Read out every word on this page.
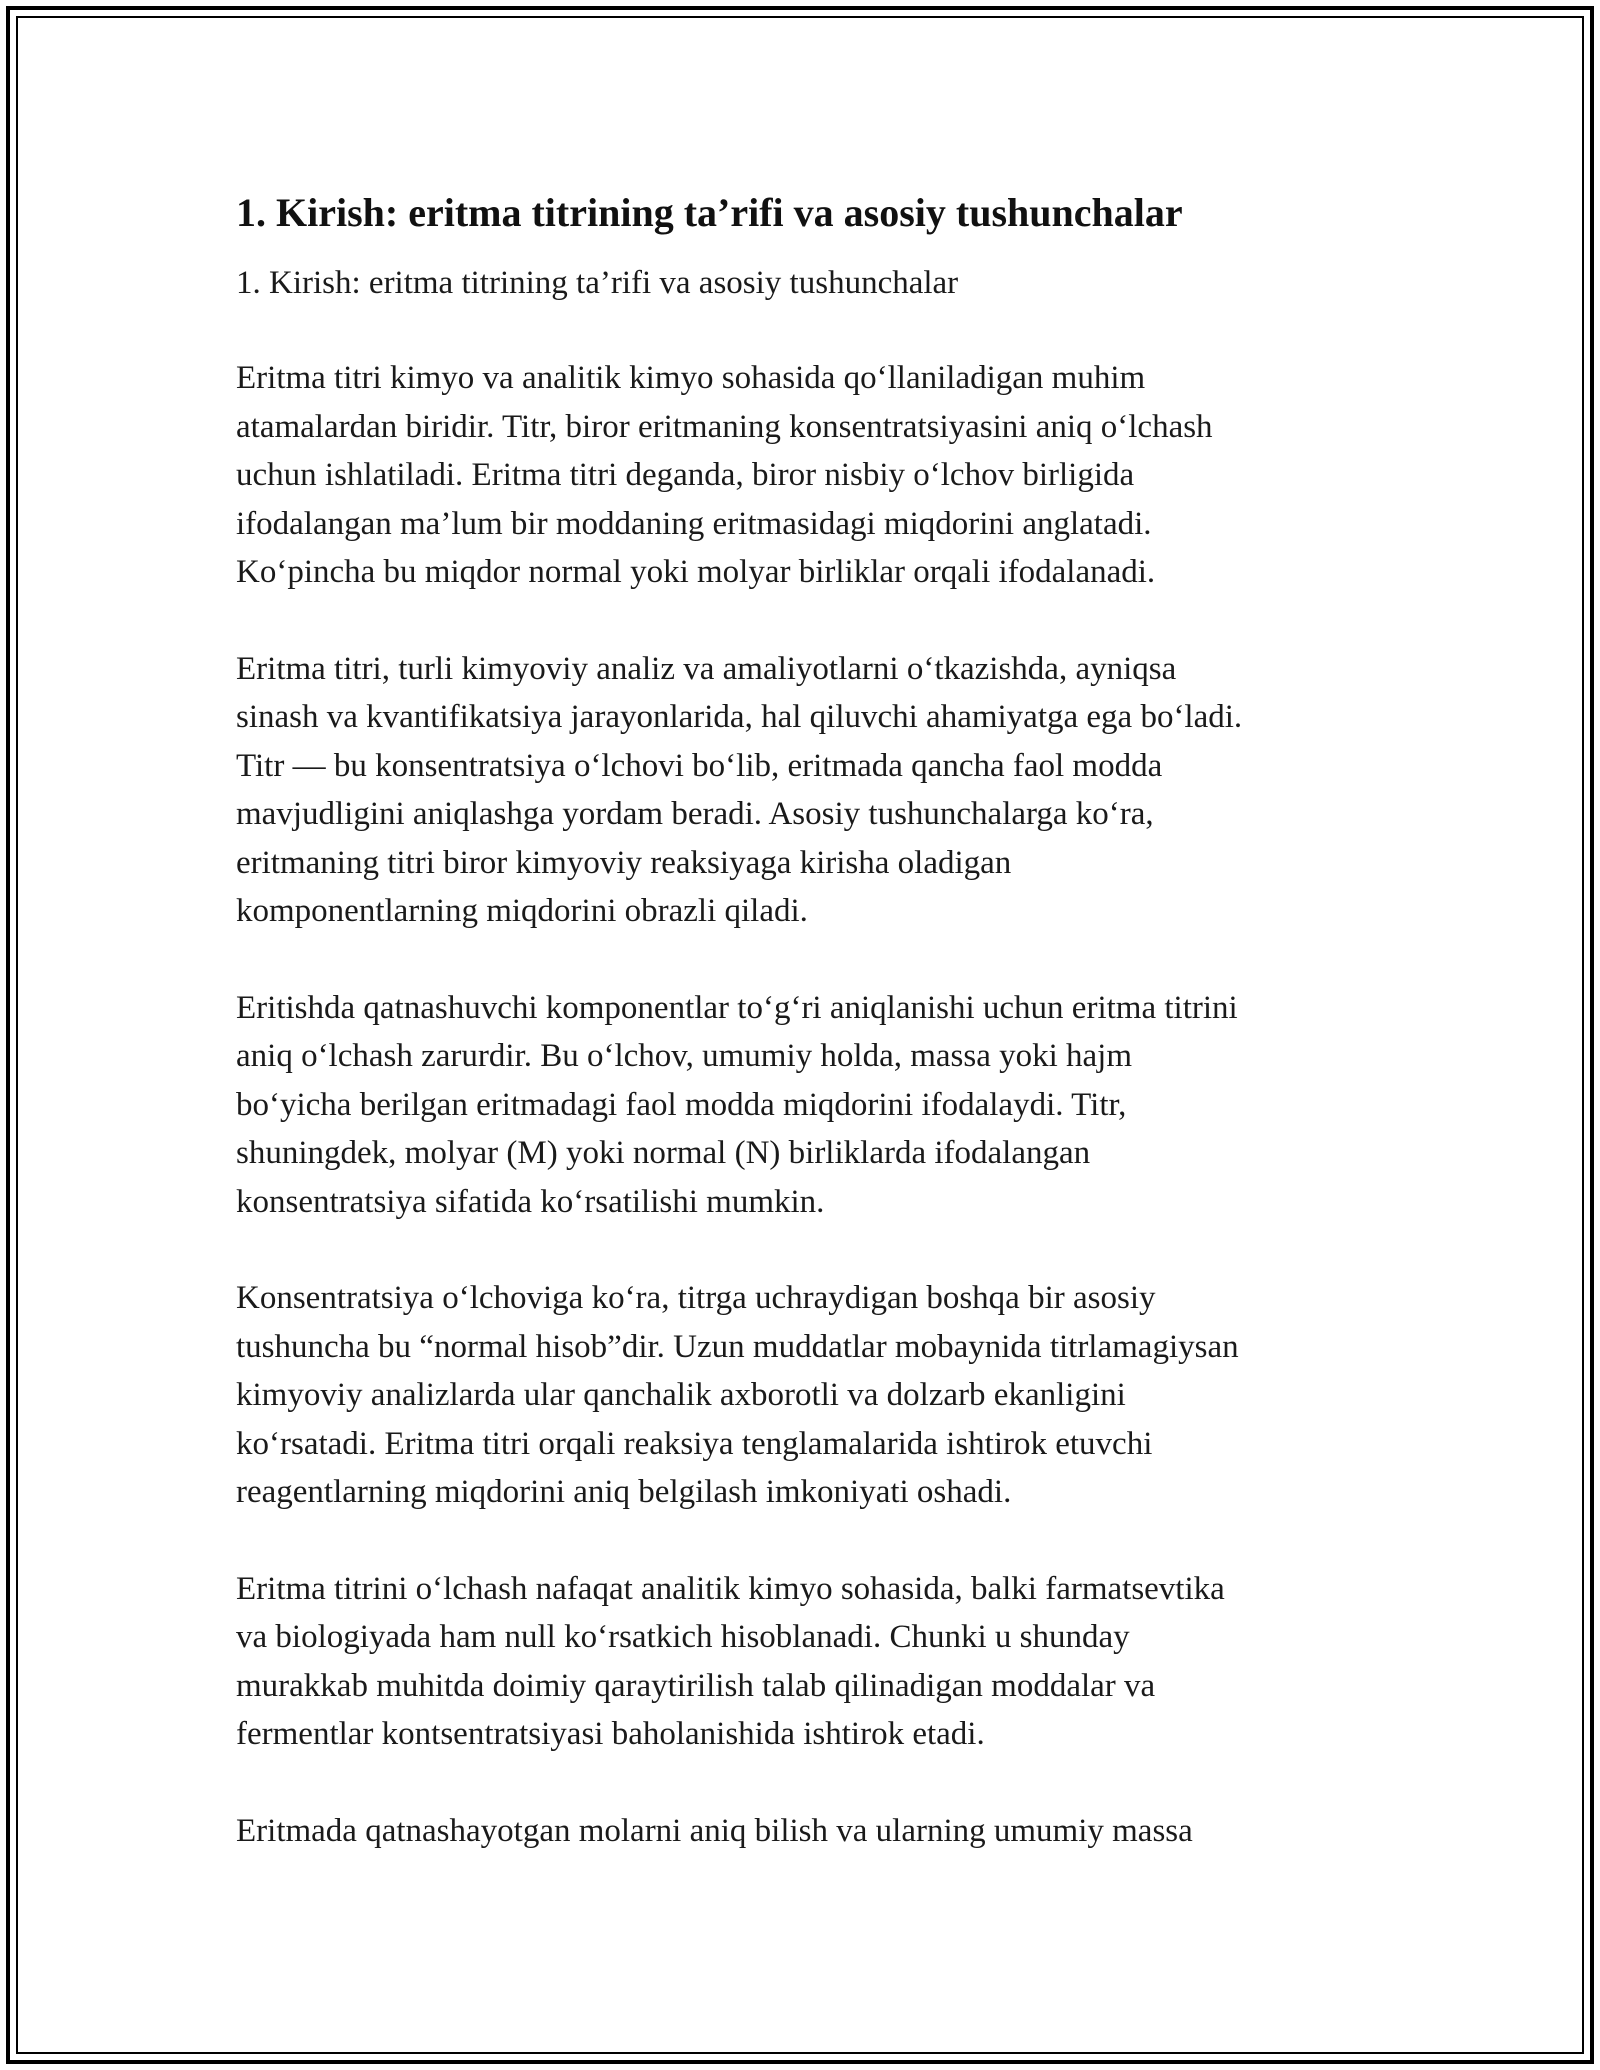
1. Kirish: eritma titrining ta’rifi va asosiy tushunchalar

1. Kirish: eritma titrining ta’rifi va asosiy tushunchalar

Eritma titri kimyo va analitik kimyo sohasida qoʻllaniladigan muhim
atamalardan biridir. Titr, biror eritmaning konsentratsiyasini aniq oʻlchash
uchun ishlatiladi. Eritma titri deganda, biror nisbiy oʻlchov birligida
ifodalangan ma’lum bir moddaning eritmasidagi miqdorini anglatadi.
Koʻpincha bu miqdor normal yoki molyar birliklar orqali ifodalanadi.

Eritma titri, turli kimyoviy analiz va amaliyotlarni oʻtkazishda, ayniqsa
sinash va kvantifikatsiya jarayonlarida, hal qiluvchi ahamiyatga ega boʻladi.
Titr — bu konsentratsiya oʻlchovi boʻlib, eritmada qancha faol modda
mavjudligini aniqlashga yordam beradi. Asosiy tushunchalarga koʻra,
eritmaning titri biror kimyoviy reaksiyaga kirisha oladigan
komponentlarning miqdorini obrazli qiladi.

Eritishda qatnashuvchi komponentlar toʻgʻri aniqlanishi uchun eritma titrini
aniq oʻlchash zarurdir. Bu oʻlchov, umumiy holda, massa yoki hajm
boʻyicha berilgan eritmadagi faol modda miqdorini ifodalaydi. Titr,
shuningdek, molyar (M) yoki normal (N) birliklarda ifodalangan
konsentratsiya sifatida koʻrsatilishi mumkin.

Konsentratsiya oʻlchoviga koʻra, titrga uchraydigan boshqa bir asosiy
tushuncha bu “normal hisob”dir. Uzun muddatlar mobaynida titrlamagiysan
kimyoviy analizlarda ular qanchalik axborotli va dolzarb ekanligini
koʻrsatadi. Eritma titri orqali reaksiya tenglamalarida ishtirok etuvchi
reagentlarning miqdorini aniq belgilash imkoniyati oshadi.

Eritma titrini oʻlchash nafaqat analitik kimyo sohasida, balki farmatsevtika
va biologiyada ham null koʻrsatkich hisoblanadi. Chunki u shunday
murakkab muhitda doimiy qaraytirilish talab qilinadigan moddalar va
fermentlar kontsentratsiyasi baholanishida ishtirok etadi.

Eritmada qatnashayotgan molarni aniq bilish va ularning umumiy massa
